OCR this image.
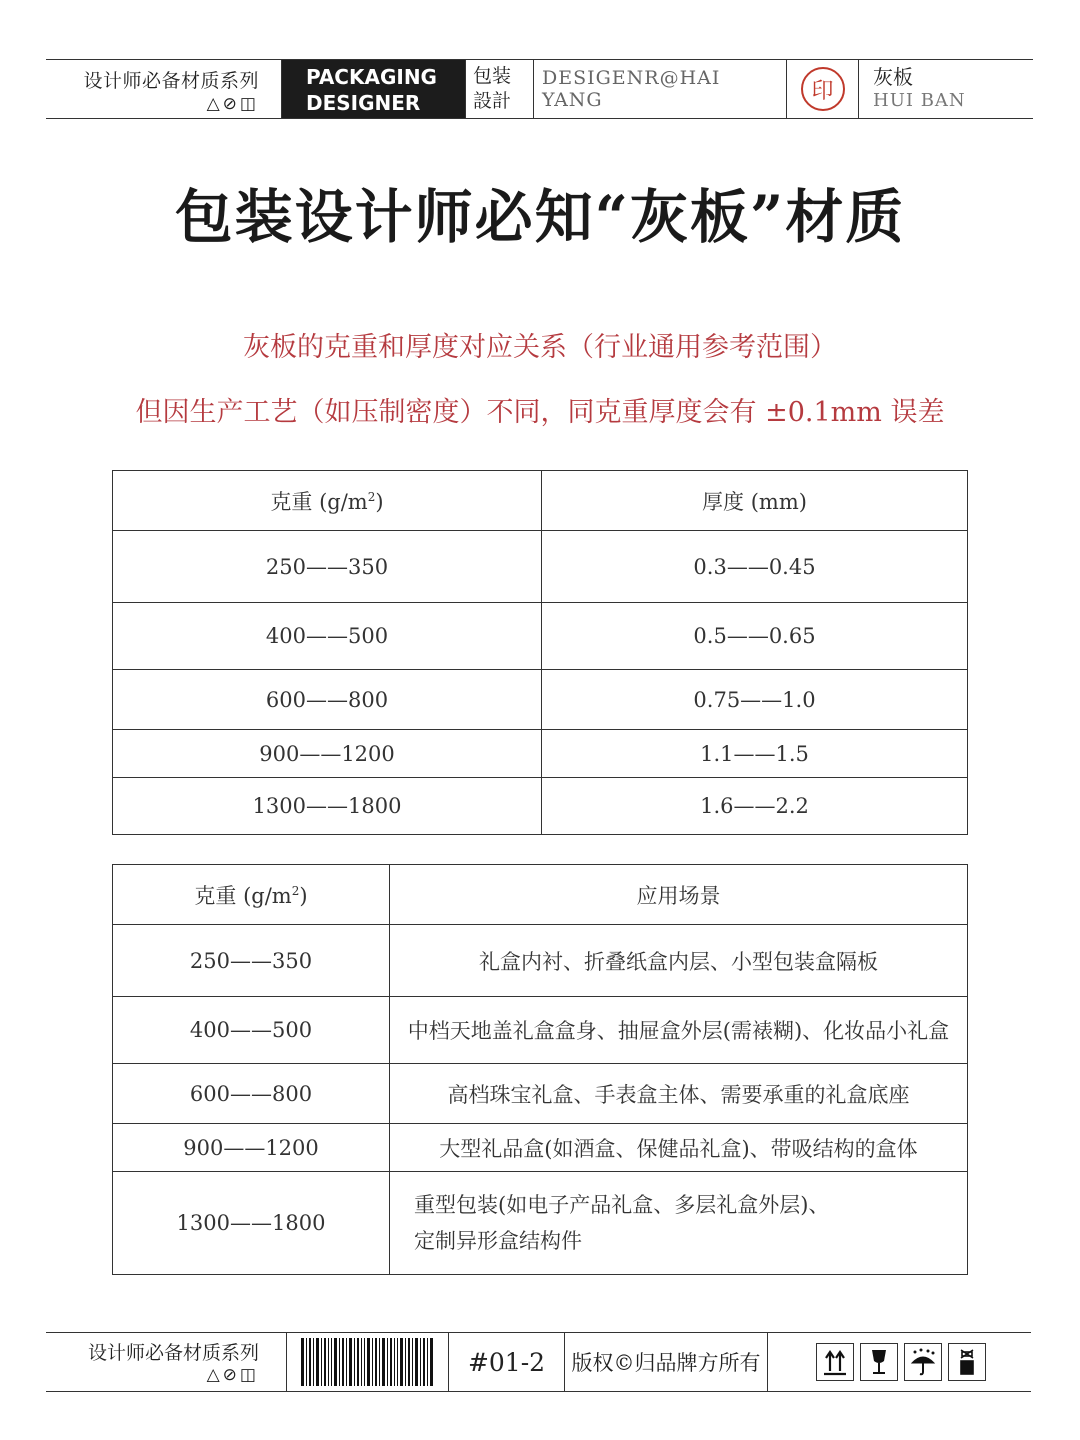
设计师必备材质系列
△⊘◫
PACKAGING
DESIGNER
包装
設計
DESIGENR@HAI YANG	印
灰板
HUI BAN
包装设计师必知“灰板”材质
灰板的克重和厚度对应关系（行业通用参考范围）
但因生产工艺（如压制密度）不同，同克重厚度会有 ±0.1mm 误差
克重 $(g/m^2)$	厚度 (mm)
250——350	0.3——0.45
400——500	0.5——0.65
600——800	0.75——1.0
900——1200	1.1——1.5
1300——1800	1.6——2.2
克重 $(g/m^2)$	应用场景
250——350	礼盒内衬、折叠纸盒内层、小型包装盒隔板
400——500	中档天地盖礼盒盒身、抽屉盒外层(需裱糊)、化妆品小礼盒
600——800	高档珠宝礼盒、手表盒主体、需要承重的礼盒底座
900——1200	大型礼品盒(如酒盒、保健品礼盒)、带吸结构的盒体
1300——1800	重型包装(如电子产品礼盒、多层礼盒外层)、
定制异形盒结构件
设计师必备材质系列
△⊘◫	#01-2	版权©归品牌方所有
